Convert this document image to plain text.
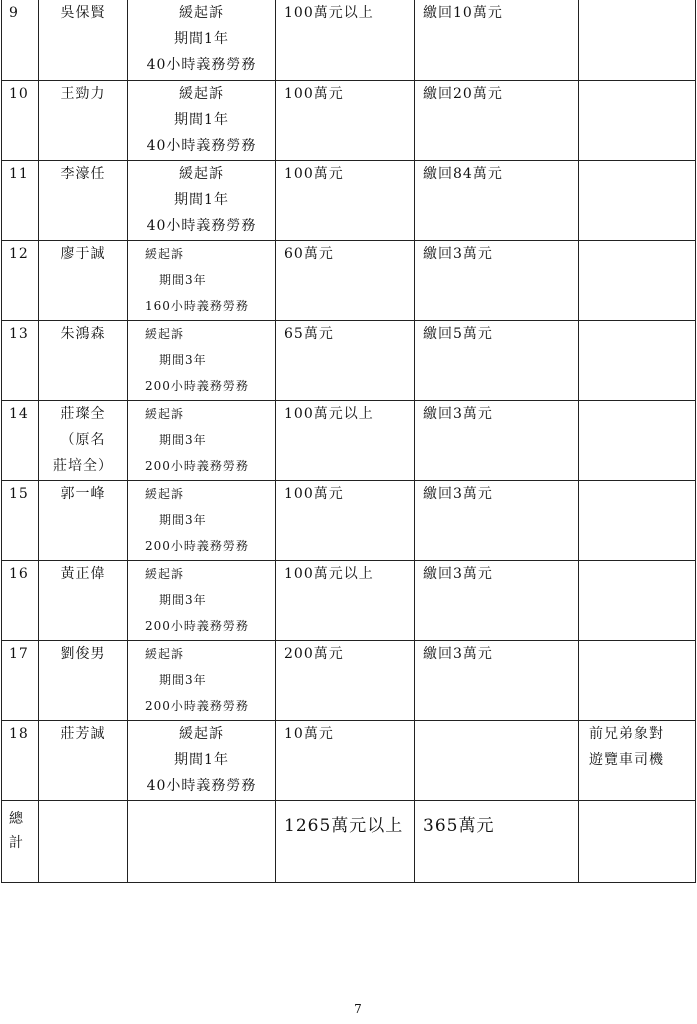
9	吳保賢	緩起訴
期間1年
40小時義務勞務	100萬元以上	繳回10萬元	
10	王勁力	緩起訴
期間1年
40小時義務勞務	100萬元	繳回20萬元	
11	李濠任	緩起訴
期間1年
40小時義務勞務	100萬元	繳回84萬元	
12	廖于誠	緩起訴
期間3年
160小時義務勞務	60萬元	繳回3萬元	
13	朱鴻森	緩起訴
期間3年
200小時義務勞務	65萬元	繳回5萬元	
14	莊璨全
（原名
莊培全）	緩起訴
期間3年
200小時義務勞務	100萬元以上	繳回3萬元	
15	郭一峰	緩起訴
期間3年
200小時義務勞務	100萬元	繳回3萬元	
16	黃正偉	緩起訴
期間3年
200小時義務勞務	100萬元以上	繳回3萬元	
17	劉俊男	緩起訴
期間3年
200小時義務勞務	200萬元	繳回3萬元	
18	莊芳誠	緩起訴
期間1年
40小時義務勞務	10萬元		前兄弟象對
遊覽車司機

總
計			1265萬元以上	365萬元	

7
